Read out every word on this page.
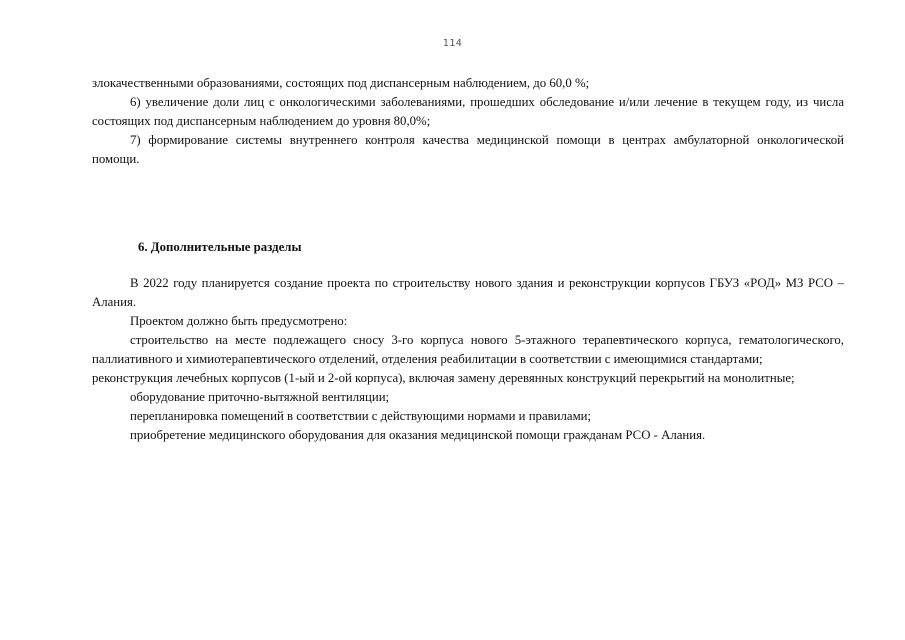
114

злокачественными образованиями, состоящих под диспансерным наблюдением, до 60,0 %;

6) увеличение доли лиц с онкологическими заболеваниями, прошедших обследование и/или лечение в текущем году, из числа состоящих под диспансерным наблюдением до уровня 80,0%;

7) формирование системы внутреннего контроля качества медицинской помощи в центрах амбулаторной онкологической помощи.

6. Дополнительные разделы

В 2022 году планируется создание проекта по строительству нового здания и реконструкции корпусов ГБУЗ «РОД» МЗ РСО – Алания.

Проектом должно быть предусмотрено:

строительство на месте подлежащего сносу 3-го корпуса нового 5-этажного терапевтического корпуса, гематологического, паллиативного и химиотерапевтического отделений, отделения реабилитации в соответствии с имеющимися стандартами;

реконструкция лечебных корпусов (1-ый и 2-ой корпуса), включая замену деревянных конструкций перекрытий на монолитные;

оборудование приточно-вытяжной вентиляции;

перепланировка помещений в соответствии с действующими нормами и правилами;

приобретение медицинского оборудования для оказания медицинской помощи гражданам РСО - Алания.
